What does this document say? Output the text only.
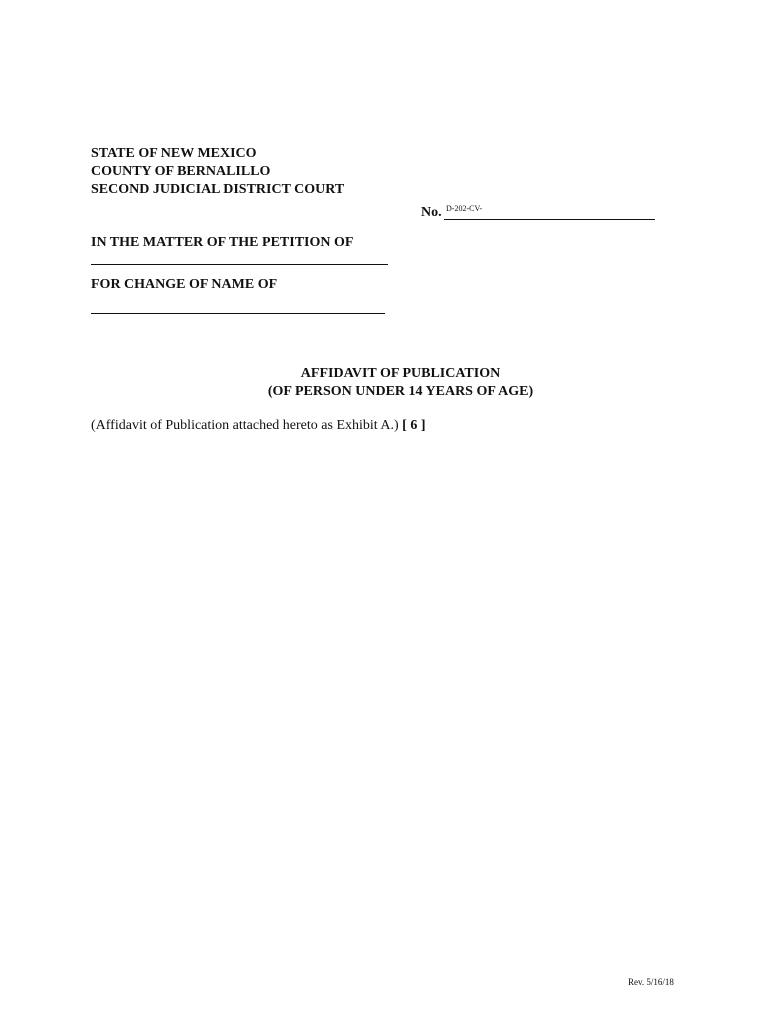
STATE OF NEW MEXICO
COUNTY OF BERNALILLO
SECOND JUDICIAL DISTRICT COURT
No. D-202-CV-
IN THE MATTER OF THE PETITION OF
FOR CHANGE OF NAME OF
AFFIDAVIT OF PUBLICATION
(OF PERSON UNDER 14 YEARS OF AGE)
(Affidavit of Publication attached hereto as Exhibit A.) [ 6 ]
Rev. 5/16/18
